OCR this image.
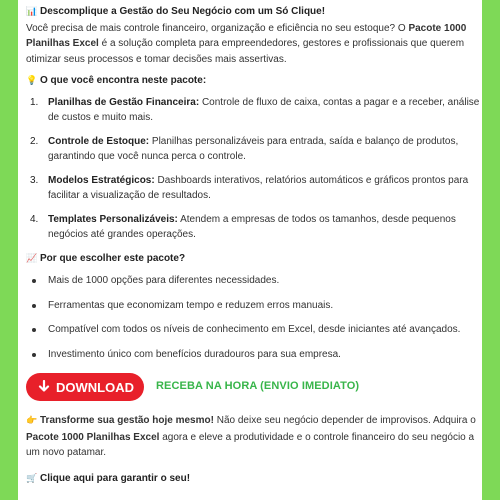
📊 Descomplique a Gestão do Seu Negócio com um Só Clique!
Você precisa de mais controle financeiro, organização e eficiência no seu estoque? O Pacote 1000
Planilhas Excel é a solução completa para empreendedores, gestores e profissionais que querem
otimizar seus processos e tomar decisões mais assertivas.
💡 O que você encontra neste pacote:
1. Planilhas de Gestão Financeira: Controle de fluxo de caixa, contas a pagar e a receber, análise
de custos e muito mais.
2. Controle de Estoque: Planilhas personalizáveis para entrada, saída e balanço de produtos,
garantindo que você nunca perca o controle.
3. Modelos Estratégicos: Dashboards interativos, relatórios automáticos e gráficos prontos para
facilitar a visualização de resultados.
4. Templates Personalizáveis: Atendem a empresas de todos os tamanhos, desde pequenos
negócios até grandes operações.
📈 Por que escolher este pacote?
Mais de 1000 opções para diferentes necessidades.
Ferramentas que economizam tempo e reduzem erros manuais.
Compatível com todos os níveis de conhecimento em Excel, desde iniciantes até avançados.
Investimento único com benefícios duradouros para sua empresa.
DOWNLOAD RECEBA NA HORA (ENVIO IMEDIATO)
👉 Transforme sua gestão hoje mesmo! Não deixe seu negócio depender de improvisos. Adquira o
Pacote 1000 Planilhas Excel agora e eleve a produtividade e o controle financeiro do seu negócio a
um novo patamar.
🛒 Clique aqui para garantir o seu!
